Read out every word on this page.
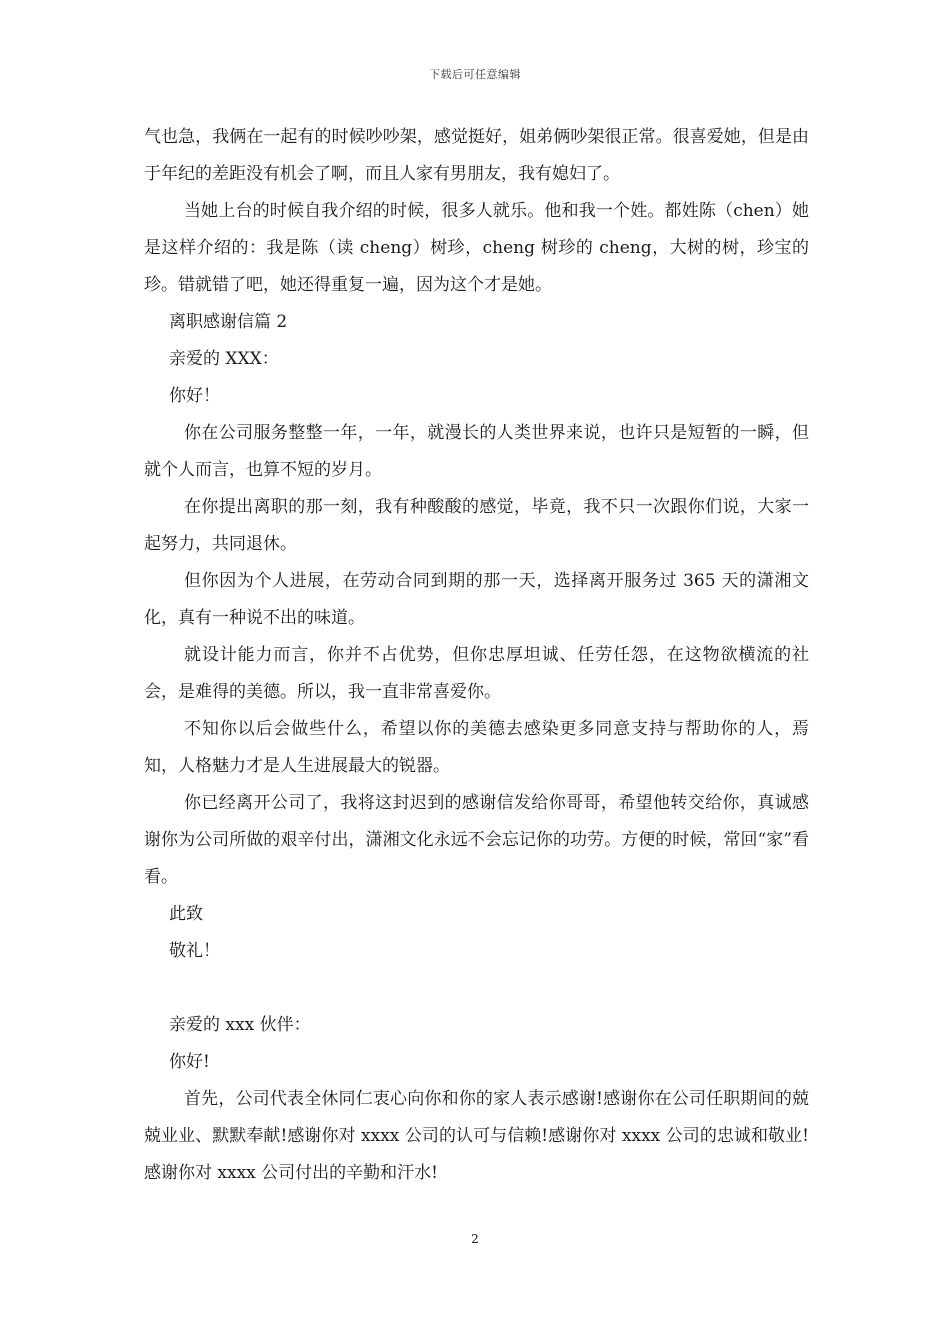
下载后可任意编辑

气也急，我俩在一起有的时候吵吵架，感觉挺好，姐弟俩吵架很正常。很喜爱她，但是由于年纪的差距没有机会了啊，而且人家有男朋友，我有媳妇了。

当她上台的时候自我介绍的时候，很多人就乐。他和我一个姓。都姓陈（chen）她是这样介绍的：我是陈（读 cheng）树珍，cheng 树珍的 cheng，大树的树，珍宝的珍。错就错了吧，她还得重复一遍，因为这个才是她。

离职感谢信篇 2

亲爱的 XXX：

你好！

你在公司服务整整一年，一年，就漫长的人类世界来说，也许只是短暂的一瞬，但就个人而言，也算不短的岁月。

在你提出离职的那一刻，我有种酸酸的感觉，毕竟，我不只一次跟你们说，大家一起努力，共同退休。

但你因为个人进展，在劳动合同到期的那一天，选择离开服务过 365 天的潇湘文化，真有一种说不出的味道。

就设计能力而言，你并不占优势，但你忠厚坦诚、任劳任怨，在这物欲横流的社会，是难得的美德。所以，我一直非常喜爱你。

不知你以后会做些什么，希望以你的美德去感染更多同意支持与帮助你的人，焉知，人格魅力才是人生进展最大的锐器。

你已经离开公司了，我将这封迟到的感谢信发给你哥哥，希望他转交给你，真诚感谢你为公司所做的艰辛付出，潇湘文化永远不会忘记你的功劳。方便的时候，常回“家”看看。

此致

敬礼！

亲爱的 xxx 伙伴：

你好!

首先，公司代表全休同仁衷心向你和你的家人表示感谢!感谢你在公司任职期间的兢兢业业、默默奉献!感谢你对 xxxx 公司的认可与信赖!感谢你对 xxxx 公司的忠诚和敬业!感谢你对 xxxx 公司付出的辛勤和汗水!

2
